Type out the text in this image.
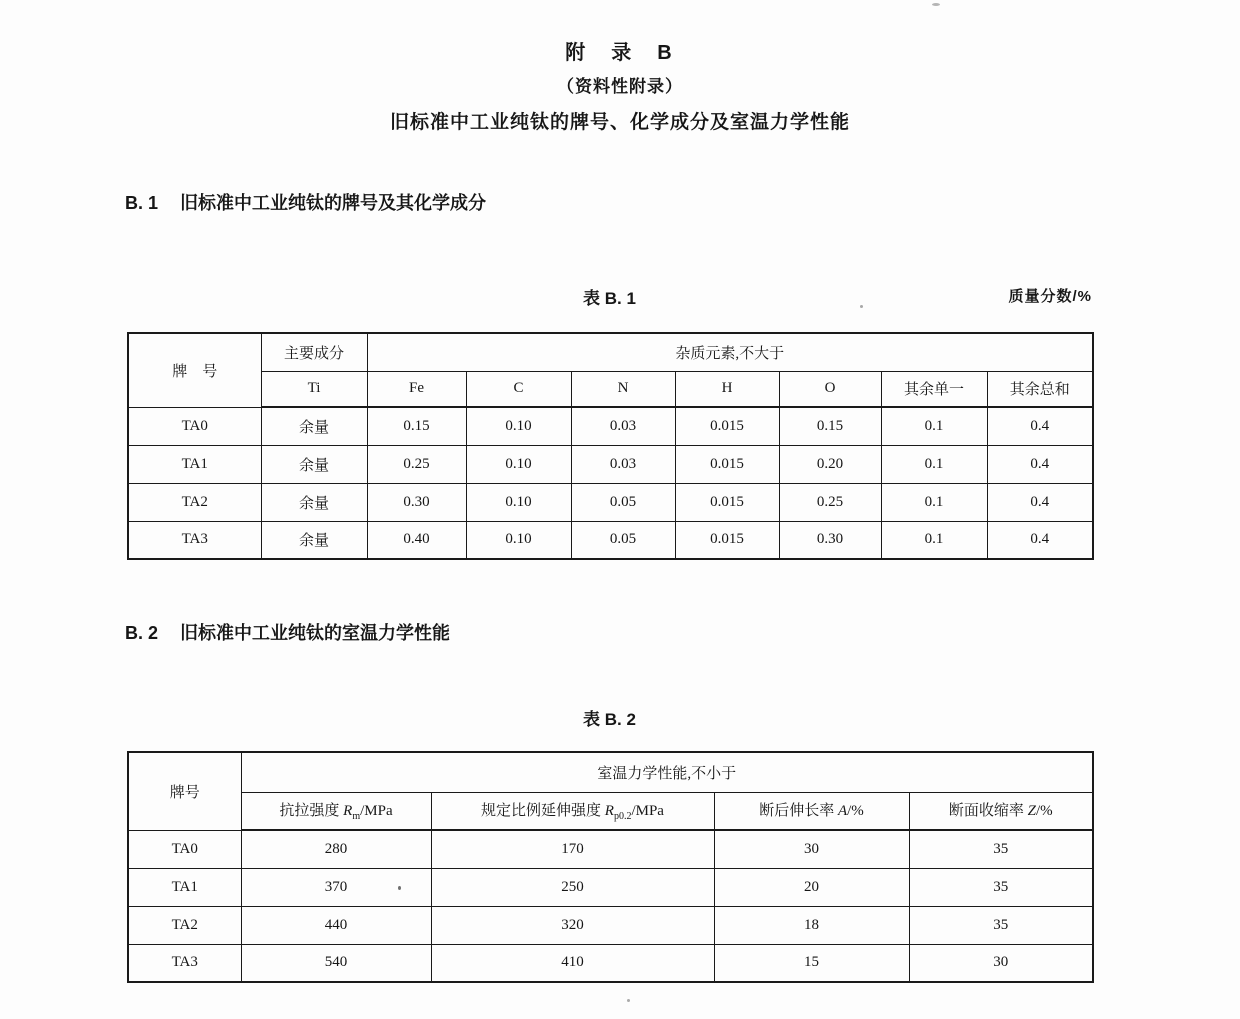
附　录　B
（资料性附录）
旧标准中工业纯钛的牌号、化学成分及室温力学性能
B. 1 旧标准中工业纯钛的牌号及其化学成分
表 B. 1	质量分数/%
牌　号	主要成分	杂质元素,不大于						
	Ti	Fe	C	N	H	O	其余单一	其余总和
TA0	余量	0.15	0.10	0.03	0.015	0.15	0.1	0.4
TA1	余量	0.25	0.10	0.03	0.015	0.20	0.1	0.4
TA2	余量	0.30	0.10	0.05	0.015	0.25	0.1	0.4
TA3	余量	0.40	0.10	0.05	0.015	0.30	0.1	0.4
B. 2 旧标准中工业纯钛的室温力学性能
表 B. 2
牌号	室温力学性能,不小于			
	抗拉强度 $R_m$/MPa	规定比例延伸强度 $R_{p0.2}$/MPa	断后伸长率 A/%	断面收缩率 Z/%
TA0	280	170	30	35
TA1	370	250	20	35
TA2	440	320	18	35
TA3	540	410	15	30
